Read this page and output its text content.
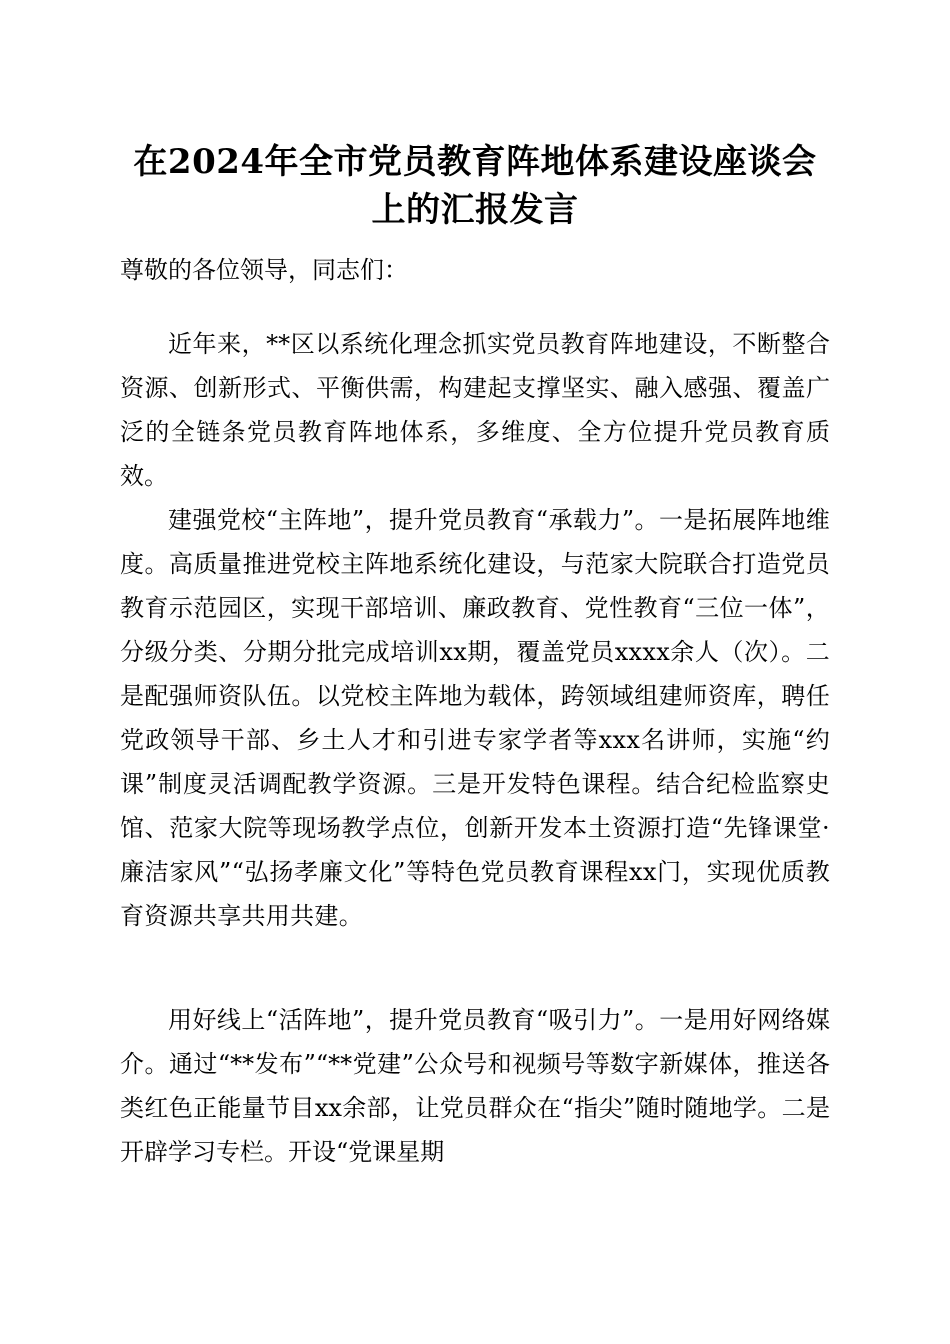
在2024年全市党员教育阵地体系建设座谈会
上的汇报发言
尊敬的各位领导，同志们：

近年来，**区以系统化理念抓实党员教育阵地建设，不断整合资源、创新形式、平衡供需，构建起支撑坚实、融入感强、覆盖广泛的全链条党员教育阵地体系，多维度、全方位提升党员教育质效。

建强党校“主阵地”，提升党员教育“承载力”。一是拓展阵地维度。高质量推进党校主阵地系统化建设，与范家大院联合打造党员教育示范园区，实现干部培训、廉政教育、党性教育“三位一体”，分级分类、分期分批完成培训xx期，覆盖党员xxxx余人（次）。二是配强师资队伍。以党校主阵地为载体，跨领域组建师资库，聘任党政领导干部、乡土人才和引进专家学者等xxx名讲师，实施“约课”制度灵活调配教学资源。三是开发特色课程。结合纪检监察史馆、范家大院等现场教学点位，创新开发本土资源打造“先锋课堂·廉洁家风”“弘扬孝廉文化”等特色党员教育课程xx门，实现优质教育资源共享共用共建。

用好线上“活阵地”，提升党员教育“吸引力”。一是用好网络媒介。通过“**发布”“**党建”公众号和视频号等数字新媒体，推送各类红色正能量节目xx余部，让党员群众在“指尖”随时随地学。二是开辟学习专栏。开设“党课星期
